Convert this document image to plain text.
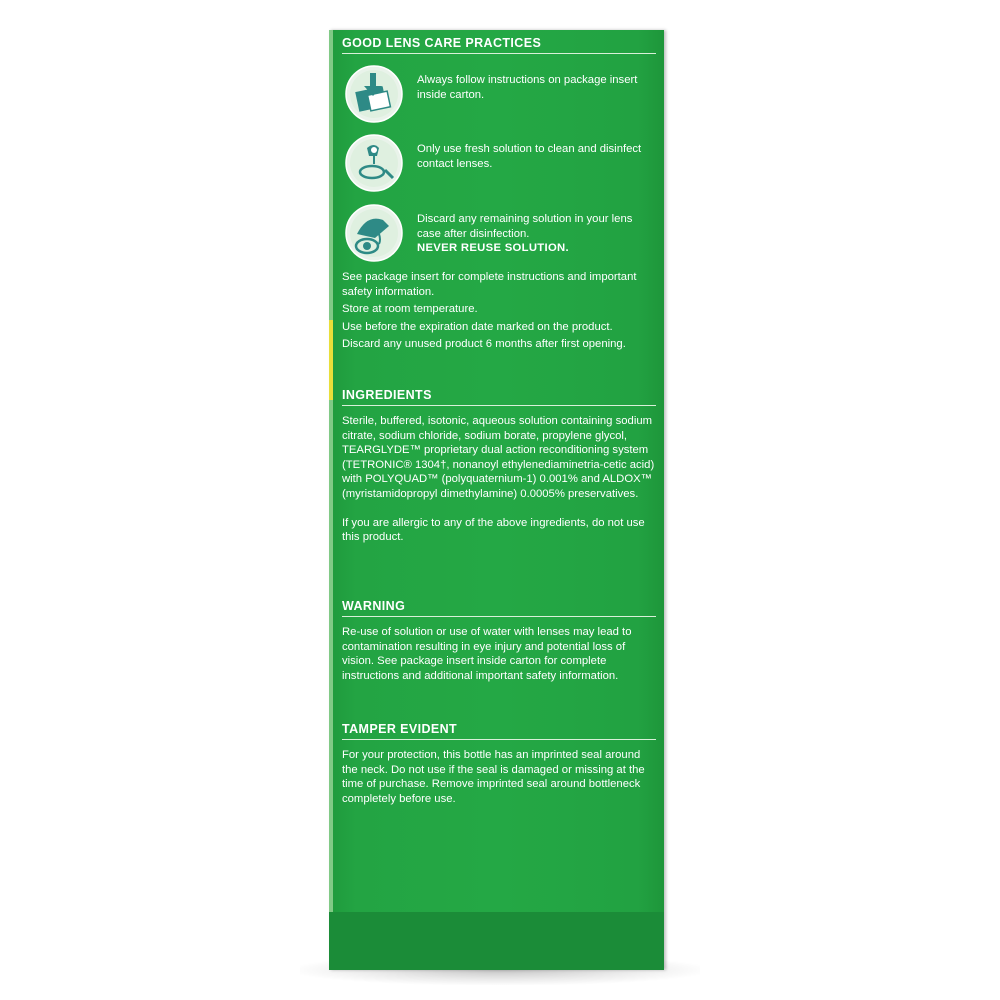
GOOD LENS CARE PRACTICES

Always follow instructions on package insert inside carton.
Only use fresh solution to clean and disinfect contact lenses.
Discard any remaining solution in your lens case after disinfection.
NEVER REUSE SOLUTION.

See package insert for complete instructions and important safety information.

Store at room temperature.

Use before the expiration date marked on the product.

Discard any unused product 6 months after first opening.

INGREDIENTS

Sterile, buffered, isotonic, aqueous solution containing sodium citrate, sodium chloride, sodium borate, propylene glycol, TEARGLYDE™ proprietary dual action reconditioning system (TETRONIC® 1304†, nonanoyl ethylenediaminetria-cetic acid) with POLYQUAD™ (polyquaternium-1) 0.001% and ALDOX™ (myristamidopropyl dimethylamine) 0.0005% preservatives.

If you are allergic to any of the above ingredients, do not use this product.

WARNING

Re-use of solution or use of water with lenses may lead to contamination resulting in eye injury and potential loss of vision. See package insert inside carton for complete instructions and additional important safety information.

TAMPER EVIDENT

For your protection, this bottle has an imprinted seal around the neck. Do not use if the seal is damaged or missing at the time of purchase. Remove imprinted seal around bottleneck completely before use.
